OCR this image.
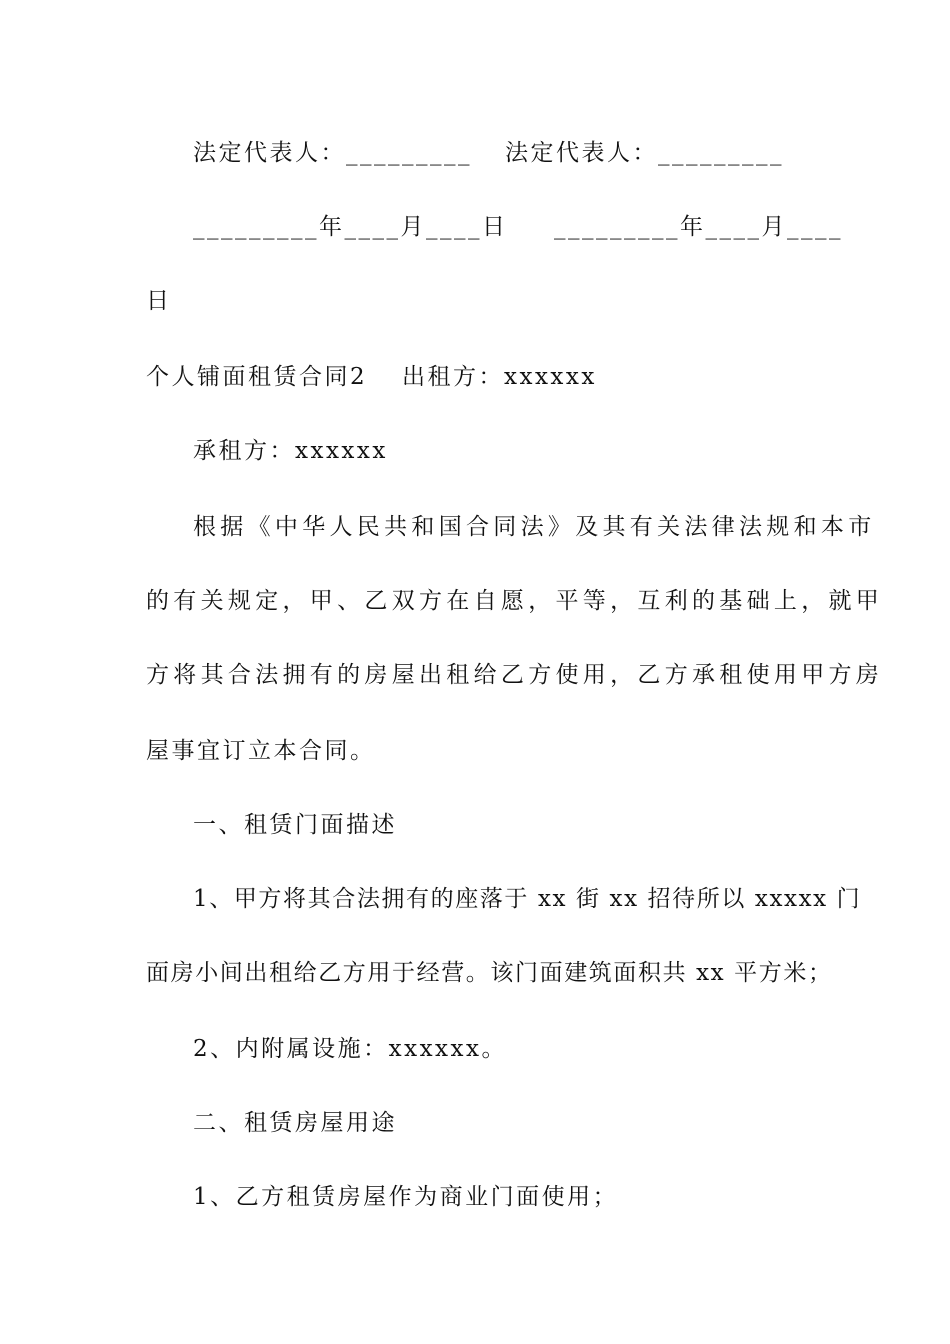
法定代表人：_________ 法定代表人：_________
_________年____月____日 _________年____月____
日
个人铺面租赁合同2 出租方：xxxxxx
承租方：xxxxxx
根据《中华人民共和国合同法》及其有关法律法规和本市
的有关规定，甲、乙双方在自愿，平等，互利的基础上，就甲
方将其合法拥有的房屋出租给乙方使用，乙方承租使用甲方房
屋事宜订立本合同。
一、租赁门面描述
1、甲方将其合法拥有的座落于 xx 街 xx 招待所以 xxxxx 门
面房小间出租给乙方用于经营。该门面建筑面积共 xx 平方米；
2、内附属设施：xxxxxx。
二、租赁房屋用途
1、乙方租赁房屋作为商业门面使用；
